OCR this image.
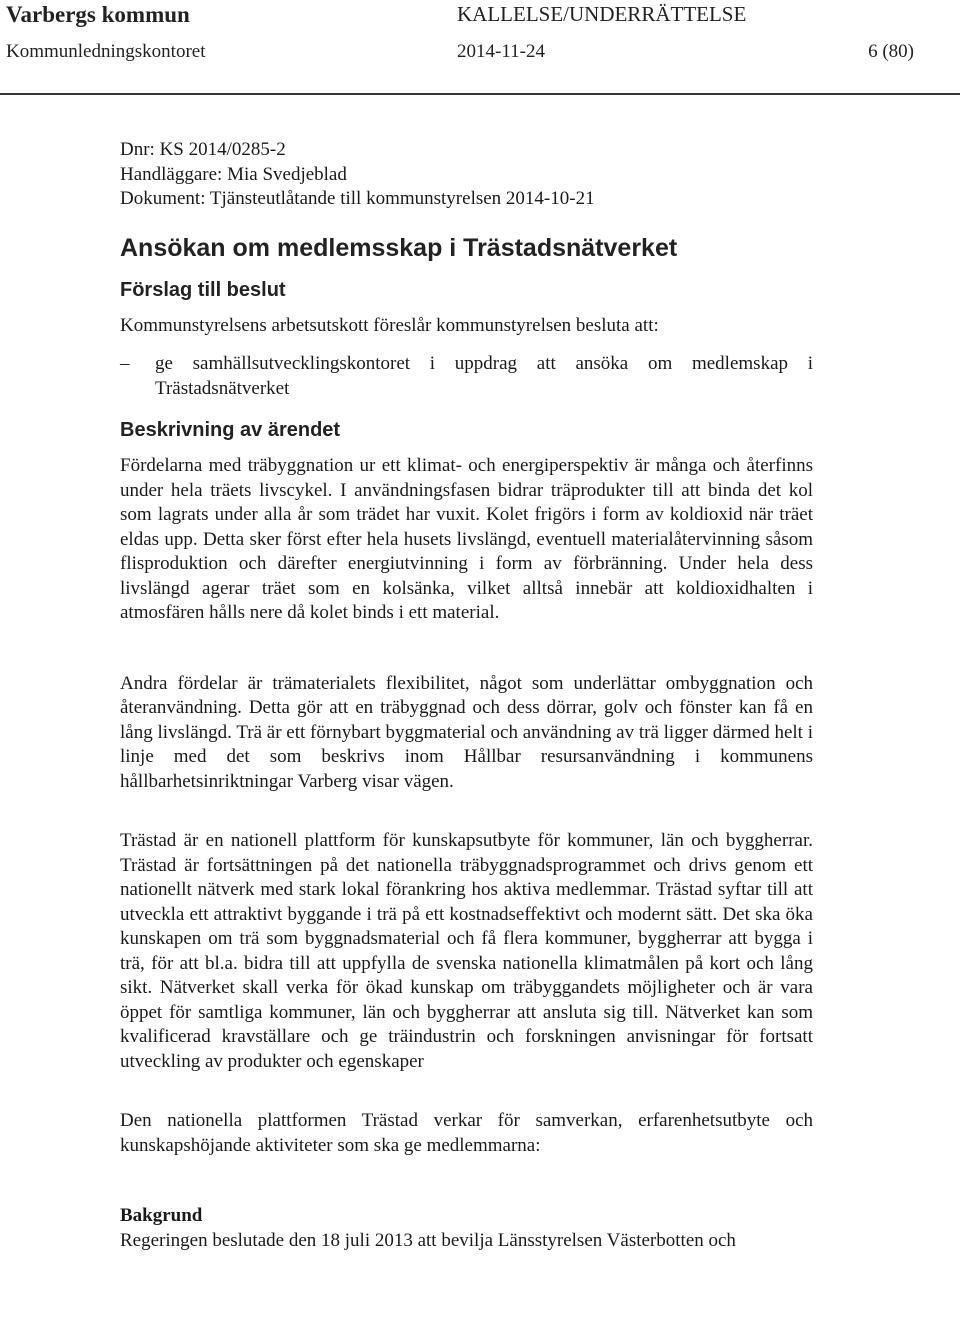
Varbergs kommun	KALLELSE/UNDERRÄTTELSE
Kommunledningskontoret	2014-11-24	6 (80)

Dnr: KS 2014/0285-2

Handläggare: Mia Svedjeblad

Dokument: Tjänsteutlåtande till kommunstyrelsen 2014-10-21

Ansökan om medlemsskap i Trästadsnätverket
Förslag till beslut

Kommunstyrelsens arbetsutskott föreslår kommunstyrelsen besluta att:

– ge samhällsutvecklingskontoret i uppdrag att ansöka om medlemskap i Trästadsnätverket
Beskrivning av ärendet

Fördelarna med träbyggnation ur ett klimat- och energiperspektiv är många och återfinns under hela träets livscykel. I användningsfasen bidrar träprodukter till att binda det kol som lagrats under alla år som trädet har vuxit. Kolet frigörs i form av koldioxid när träet eldas upp. Detta sker först efter hela husets livslängd, eventuell materialåtervinning såsom flisproduktion och därefter energiutvinning i form av förbränning. Under hela dess livslängd agerar träet som en kolsänka, vilket alltså innebär att koldioxidhalten i atmosfären hålls nere då kolet binds i ett material.

Andra fördelar är trämaterialets flexibilitet, något som underlättar ombyggnation och återanvändning. Detta gör att en träbyggnad och dess dörrar, golv och fönster kan få en lång livslängd. Trä är ett förnybart byggmaterial och användning av trä ligger därmed helt i linje med det som beskrivs inom Hållbar resursanvändning i kommunens hållbarhetsinriktningar Varberg visar vägen.

Trästad är en nationell plattform för kunskapsutbyte för kommuner, län och byggherrar. Trästad är fortsättningen på det nationella träbyggnadsprogrammet och drivs genom ett nationellt nätverk med stark lokal förankring hos aktiva medlemmar. Trästad syftar till att utveckla ett attraktivt byggande i trä på ett kostnadseffektivt och modernt sätt. Det ska öka kunskapen om trä som byggnadsmaterial och få flera kommuner, byggherrar att bygga i trä, för att bl.a. bidra till att uppfylla de svenska nationella klimatmålen på kort och lång sikt. Nätverket skall verka för ökad kunskap om träbyggandets möjligheter och är vara öppet för samtliga kommuner, län och byggherrar att ansluta sig till. Nätverket kan som kvalificerad kravställare och ge träindustrin och forskningen anvisningar för fortsatt utveckling av produkter och egenskaper

Den nationella plattformen Trästad verkar för samverkan, erfarenhetsutbyte och kunskapshöjande aktiviteter som ska ge medlemmarna:

Bakgrund

Regeringen beslutade den 18 juli 2013 att bevilja Länsstyrelsen Västerbotten och
